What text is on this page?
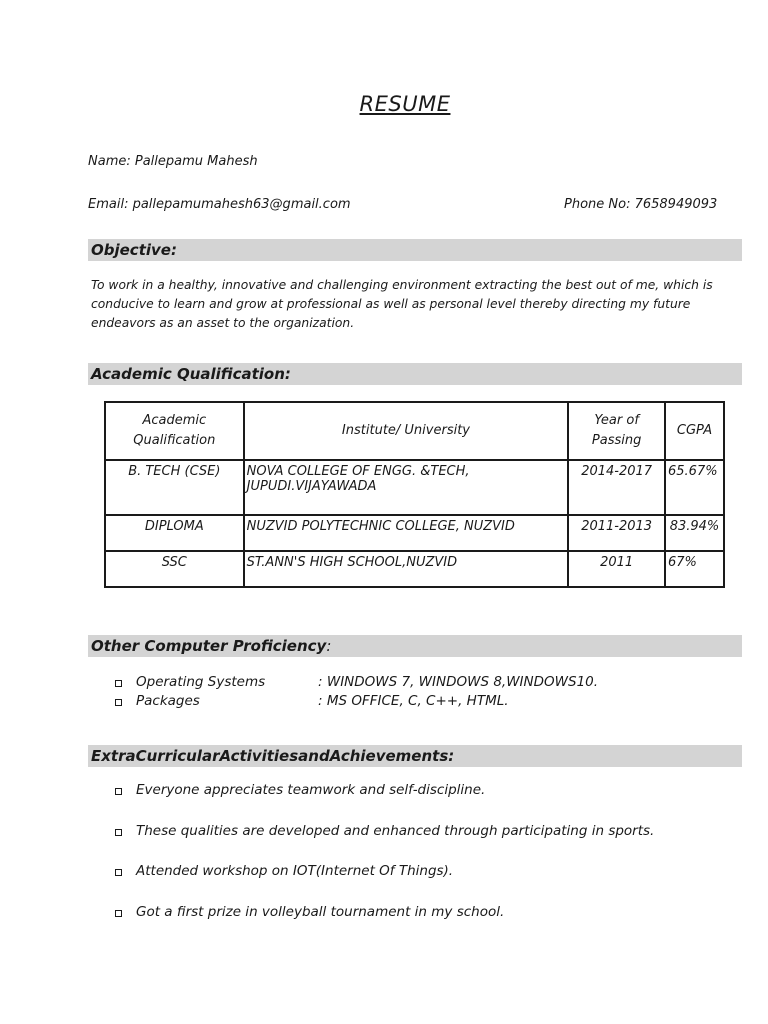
RESUME
Name: Pallepamu Mahesh
Email: pallepamumahesh63@gmail.com	Phone No: 7658949093
Objective:
To work in a healthy, innovative and challenging environment extracting the best out of me, which is conducive to learn and grow at professional as well as personal level thereby directing my future endeavors as an asset to the organization.
Academic Qualification:
Academic Qualification	Institute/ University	Year of Passing	CGPA
B. TECH (CSE)	NOVA COLLEGE OF ENGG. &TECH, JUPUDI.VIJAYAWADA	2014-2017	65.67%
DIPLOMA	NUZVID POLYTECHNIC COLLEGE, NUZVID	2011-2013	83.94%
SSC	ST.ANN'S HIGH SCHOOL,NUZVID	2011	67%
Other Computer Proficiency:
Operating Systems	: WINDOWS 7, WINDOWS 8,WINDOWS10.
Packages	: MS OFFICE, C, C++, HTML.
ExtraCurricularActivitiesandAchievements:
Everyone appreciates teamwork and self-discipline.
These qualities are developed and enhanced through participating in sports.
Attended workshop on IOT(Internet Of Things).
Got a first prize in volleyball tournament in my school.
